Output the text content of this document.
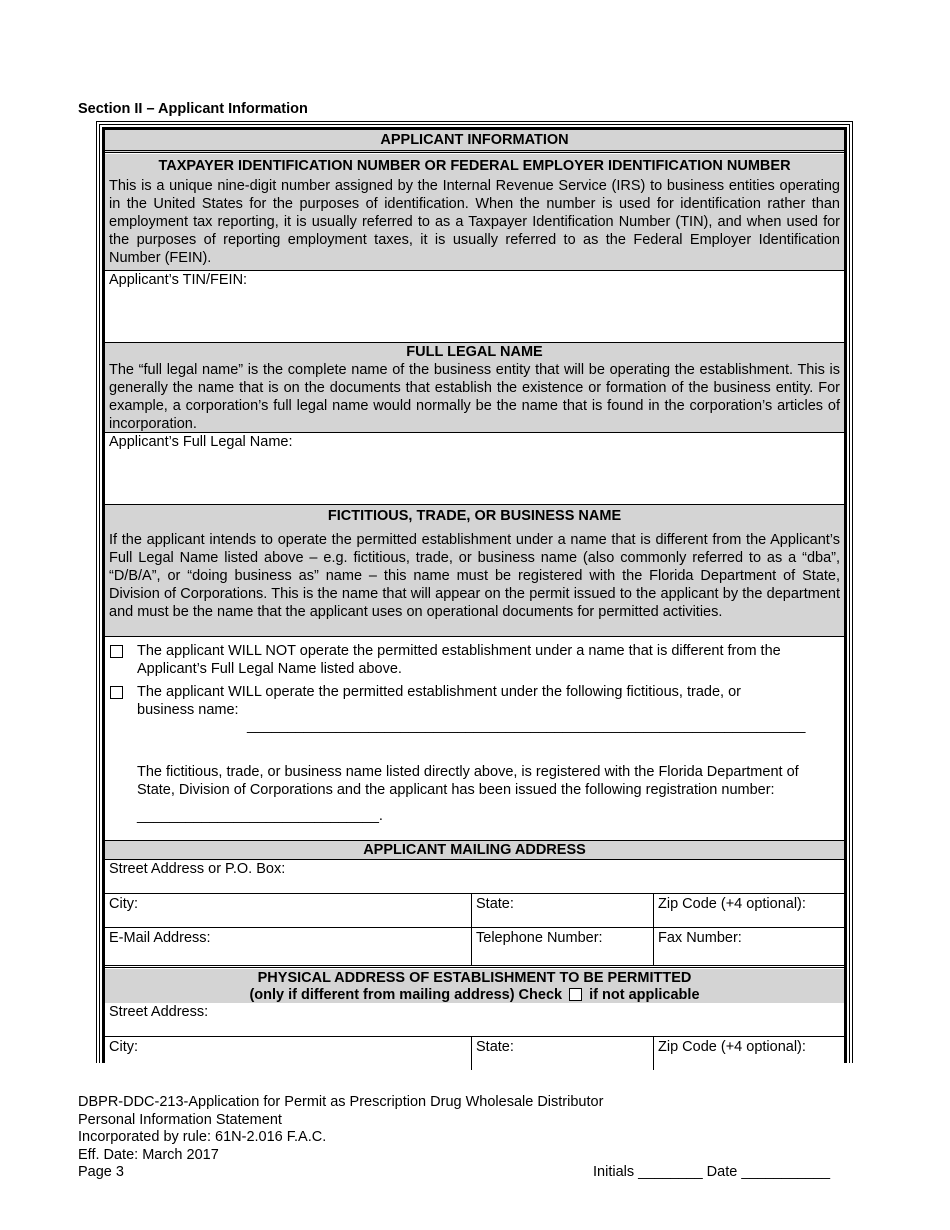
Section II – Applicant Information
APPLICANT INFORMATION
TAXPAYER IDENTIFICATION NUMBER OR FEDERAL EMPLOYER IDENTIFICATION NUMBER
This is a unique nine-digit number assigned by the Internal Revenue Service (IRS) to business entities operating in the United States for the purposes of identification. When the number is used for identification rather than employment tax reporting, it is usually referred to as a Taxpayer Identification Number (TIN), and when used for the purposes of reporting employment taxes, it is usually referred to as the Federal Employer Identification Number (FEIN).
Applicant’s TIN/FEIN:
FULL LEGAL NAME
The “full legal name” is the complete name of the business entity that will be operating the establishment. This is generally the name that is on the documents that establish the existence or formation of the business entity. For example, a corporation’s full legal name would normally be the name that is found in the corporation’s articles of incorporation.
Applicant’s Full Legal Name:
FICTITIOUS, TRADE, OR BUSINESS NAME
If the applicant intends to operate the permitted establishment under a name that is different from the Applicant’s Full Legal Name listed above – e.g. fictitious, trade, or business name (also commonly referred to as a “dba”, “D/B/A”, or “doing business as” name – this name must be registered with the Florida Department of State, Division of Corporations. This is the name that will appear on the permit issued to the applicant by the department and must be the name that the applicant uses on operational documents for permitted activities.
The applicant WILL NOT operate the permitted establishment under a name that is different from the Applicant’s Full Legal Name listed above.
The applicant WILL operate the permitted establishment under the following fictitious, trade, or business name:
_____________________________________________________________________
The fictitious, trade, or business name listed directly above, is registered with the Florida Department of State, Division of Corporations and the applicant has been issued the following registration number:
______________________________.
APPLICANT MAILING ADDRESS
Street Address or P.O. Box:
City:	State:	Zip Code (+4 optional):
E-Mail Address:	Telephone Number:	Fax Number:
PHYSICAL ADDRESS OF ESTABLISHMENT TO BE PERMITTED
(only if different from mailing address) Check if not applicable
Street Address:
City:	State:	Zip Code (+4 optional):
DBPR-DDC-213-Application for Permit as Prescription Drug Wholesale Distributor
Personal Information Statement
Incorporated by rule: 61N-2.016 F.A.C.
Eff. Date: March 2017
Page 3	Initials ________ Date ___________
